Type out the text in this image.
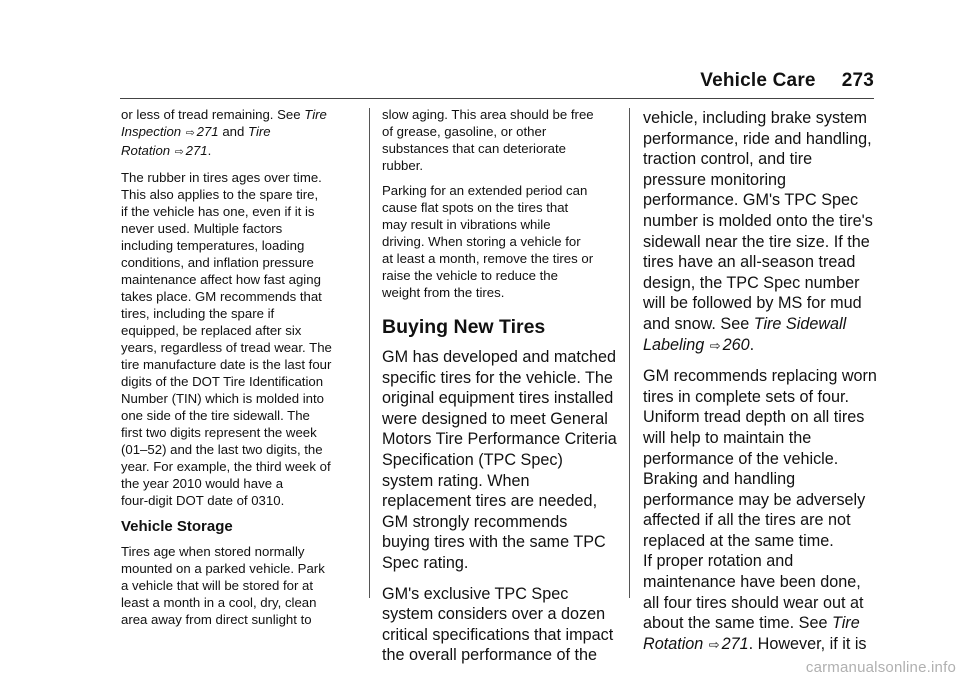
Vehicle Care 273

or less of tread remaining. See Tire

Inspection ⇨ 271 and Tire

Rotation ⇨ 271.

The rubber in tires ages over time.

This also applies to the spare tire,

if the vehicle has one, even if it is

never used. Multiple factors

including temperatures, loading

conditions, and inflation pressure

maintenance affect how fast aging

takes place. GM recommends that

tires, including the spare if

equipped, be replaced after six

years, regardless of tread wear. The

tire manufacture date is the last four

digits of the DOT Tire Identification

Number (TIN) which is molded into

one side of the tire sidewall. The

first two digits represent the week

(01–52) and the last two digits, the

year. For example, the third week of

the year 2010 would have a

four-digit DOT date of 0310.

Vehicle Storage

Tires age when stored normally

mounted on a parked vehicle. Park

a vehicle that will be stored for at

least a month in a cool, dry, clean

area away from direct sunlight to

slow aging. This area should be free

of grease, gasoline, or other

substances that can deteriorate

rubber.

Parking for an extended period can

cause flat spots on the tires that

may result in vibrations while

driving. When storing a vehicle for

at least a month, remove the tires or

raise the vehicle to reduce the

weight from the tires.

Buying New Tires

GM has developed and matched

specific tires for the vehicle. The

original equipment tires installed

were designed to meet General

Motors Tire Performance Criteria

Specification (TPC Spec)

system rating. When

replacement tires are needed,

GM strongly recommends

buying tires with the same TPC

Spec rating.

GM's exclusive TPC Spec

system considers over a dozen

critical specifications that impact

the overall performance of the

vehicle, including brake system

performance, ride and handling,

traction control, and tire

pressure monitoring

performance. GM's TPC Spec

number is molded onto the tire's

sidewall near the tire size. If the

tires have an all-season tread

design, the TPC Spec number

will be followed by MS for mud

and snow. See Tire Sidewall

Labeling ⇨ 260.

GM recommends replacing worn

tires in complete sets of four.

Uniform tread depth on all tires

will help to maintain the

performance of the vehicle.

Braking and handling

performance may be adversely

affected if all the tires are not

replaced at the same time.

If proper rotation and

maintenance have been done,

all four tires should wear out at

about the same time. See Tire

Rotation ⇨ 271. However, if it is

carmanualsonline.info
